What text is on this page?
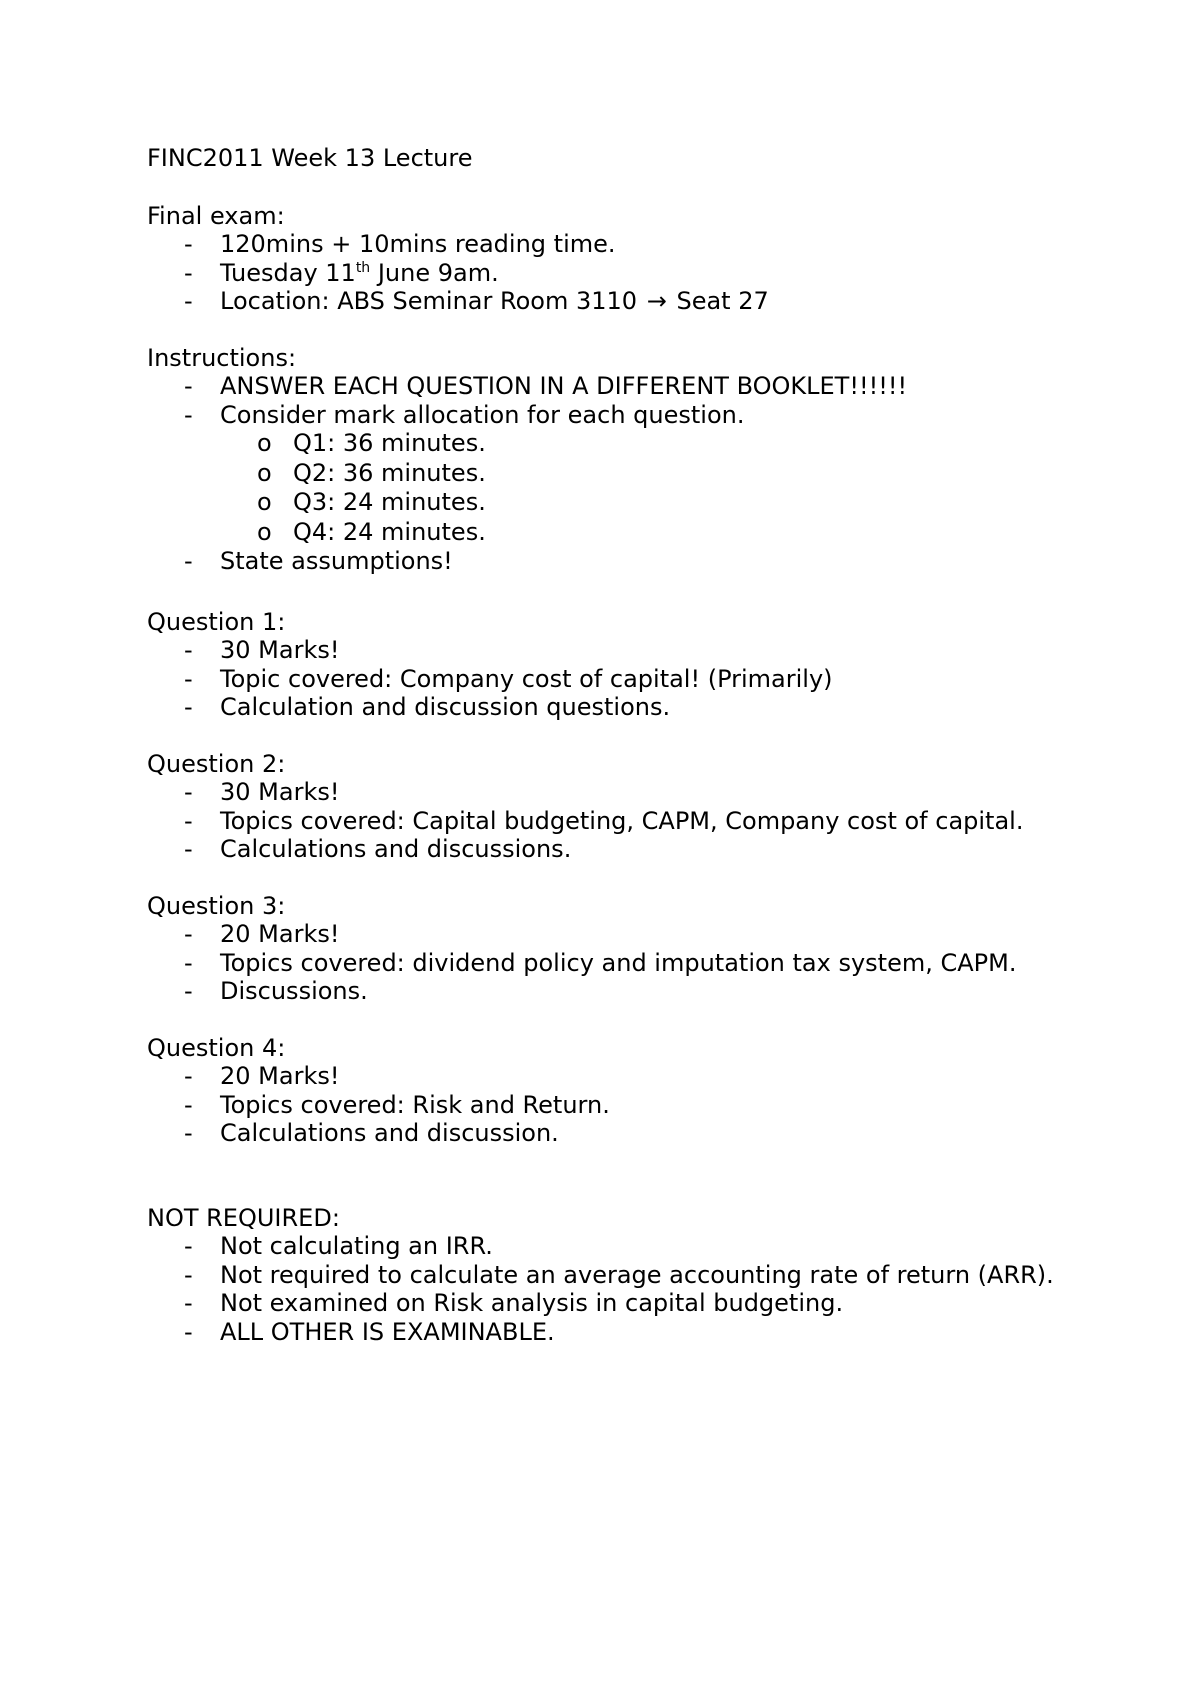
FINC2011 Week 13 Lecture
Final exam:
-	120mins + 10mins reading time.
-	Tuesday 11th June 9am.
-	Location: ABS Seminar Room 3110 → Seat 27
Instructions:
-	ANSWER EACH QUESTION IN A DIFFERENT BOOKLET!!!!!!
-	Consider mark allocation for each question.
o Q1: 36 minutes.
o Q2: 36 minutes.
o Q3: 24 minutes.
o Q4: 24 minutes.
-	State assumptions!
Question 1:
-	30 Marks!
-	Topic covered: Company cost of capital! (Primarily)
-	Calculation and discussion questions.
Question 2:
-	30 Marks!
-	Topics covered: Capital budgeting, CAPM, Company cost of capital.
-	Calculations and discussions.
Question 3:
-	20 Marks!
-	Topics covered: dividend policy and imputation tax system, CAPM.
-	Discussions.
Question 4:
-	20 Marks!
-	Topics covered: Risk and Return.
-	Calculations and discussion.
NOT REQUIRED:
-	Not calculating an IRR.
-	Not required to calculate an average accounting rate of return (ARR).
-	Not examined on Risk analysis in capital budgeting.
-	ALL OTHER IS EXAMINABLE.
